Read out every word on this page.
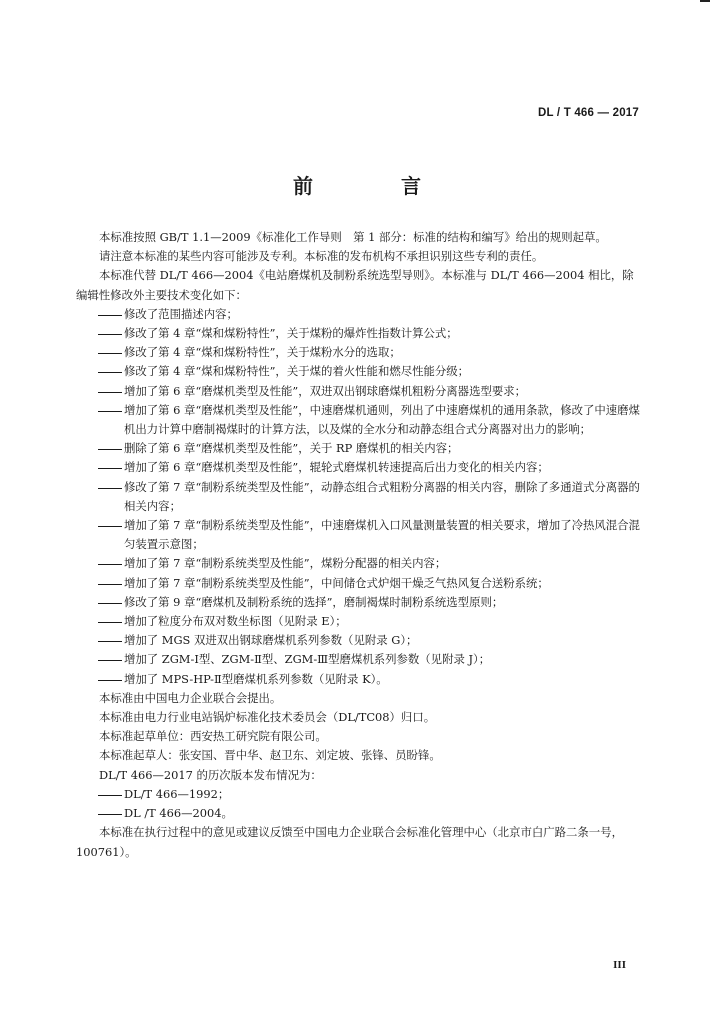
DL / T 466 — 2017
前　言

本标准按照 GB/T 1.1—2009《标准化工作导则　第 1 部分：标准的结构和编写》给出的规则起草。

请注意本标准的某些内容可能涉及专利。本标准的发布机构不承担识别这些专利的责任。

本标准代替 DL/T 466—2004《电站磨煤机及制粉系统选型导则》。本标准与 DL/T 466—2004 相比，除编辑性修改外主要技术变化如下：

修改了范围描述内容；

修改了第 4 章“煤和煤粉特性”，关于煤粉的爆炸性指数计算公式；

修改了第 4 章“煤和煤粉特性”，关于煤粉水分的选取；

修改了第 4 章“煤和煤粉特性”，关于煤的着火性能和燃尽性能分级；

增加了第 6 章“磨煤机类型及性能”，双进双出钢球磨煤机粗粉分离器选型要求；

增加了第 6 章“磨煤机类型及性能”，中速磨煤机通则，列出了中速磨煤机的通用条款，修改了中速磨煤机出力计算中磨制褐煤时的计算方法，以及煤的全水分和动静态组合式分离器对出力的影响；

删除了第 6 章“磨煤机类型及性能”，关于 RP 磨煤机的相关内容；

增加了第 6 章“磨煤机类型及性能”，辊轮式磨煤机转速提高后出力变化的相关内容；

修改了第 7 章“制粉系统类型及性能”，动静态组合式粗粉分离器的相关内容，删除了多通道式分离器的相关内容；

增加了第 7 章“制粉系统类型及性能”，中速磨煤机入口风量测量装置的相关要求，增加了冷热风混合混匀装置示意图；

增加了第 7 章“制粉系统类型及性能”，煤粉分配器的相关内容；

增加了第 7 章“制粉系统类型及性能”，中间储仓式炉烟干燥乏气热风复合送粉系统；

修改了第 9 章“磨煤机及制粉系统的选择”，磨制褐煤时制粉系统选型原则；

增加了粒度分布双对数坐标图（见附录 E）；

增加了 MGS 双进双出钢球磨煤机系列参数（见附录 G）；

增加了 ZGM-Ⅰ型、ZGM-Ⅱ型、ZGM-Ⅲ型磨煤机系列参数（见附录 J）；

增加了 MPS-HP-Ⅱ型磨煤机系列参数（见附录 K）。

本标准由中国电力企业联合会提出。

本标准由电力行业电站锅炉标准化技术委员会（DL/TC08）归口。

本标准起草单位：西安热工研究院有限公司。

本标准起草人：张安国、晋中华、赵卫东、刘定坡、张锋、员盼锋。

DL/T 466—2017 的历次版本发布情况为：

DL/T 466—1992；

DL /T 466—2004。

本标准在执行过程中的意见或建议反馈至中国电力企业联合会标准化管理中心（北京市白广路二条一号，100761）。

III
